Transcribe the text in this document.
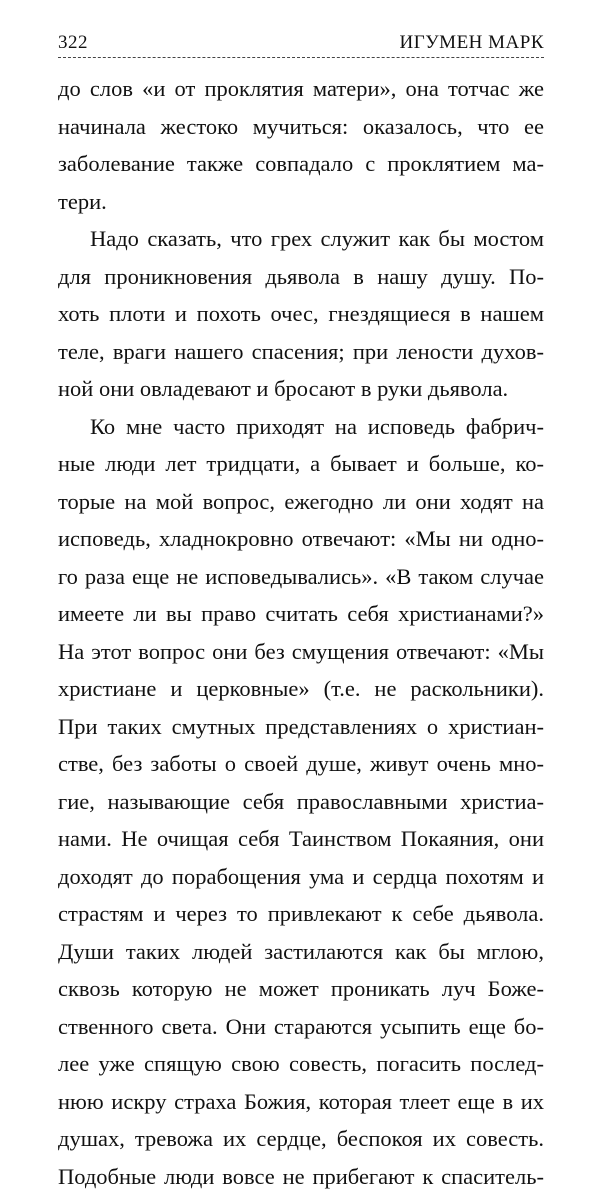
322	ИГУМЕН МАРК
до слов «и от проклятия матери», она тотчас же
начинала жестоко мучиться: оказалось, что ее
заболевание также совпадало с проклятием ма-
тери.
Надо сказать, что грех служит как бы мостом
для проникновения дьявола в нашу душу. По-
хоть плоти и похоть очес, гнездящиеся в нашем
теле, враги нашего спасения; при лености духов-
ной они овладевают и бросают в руки дьявола.
Ко мне часто приходят на исповедь фабрич-
ные люди лет тридцати, а бывает и больше, ко-
торые на мой вопрос, ежегодно ли они ходят на
исповедь, хладнокровно отвечают: «Мы ни одно-
го раза еще не исповедывались». «В таком случае
имеете ли вы право считать себя христианами?»
На этот вопрос они без смущения отвечают: «Мы
христиане и церковные» (т.е. не раскольники).
При таких смутных представлениях о христиан-
стве, без заботы о своей душе, живут очень мно-
гие, называющие себя православными христиа-
нами. Не очищая себя Таинством Покаяния, они
доходят до порабощения ума и сердца похотям и
страстям и через то привлекают к себе дьявола.
Души таких людей застилаются как бы мглою,
сквозь которую не может проникать луч Боже-
ственного света. Они стараются усыпить еще бо-
лее уже спящую свою совесть, погасить послед-
нюю искру страха Божия, которая тлеет еще в их
душах, тревожа их сердце, беспокоя их совесть.
Подобные люди вовсе не прибегают к спаситель-
